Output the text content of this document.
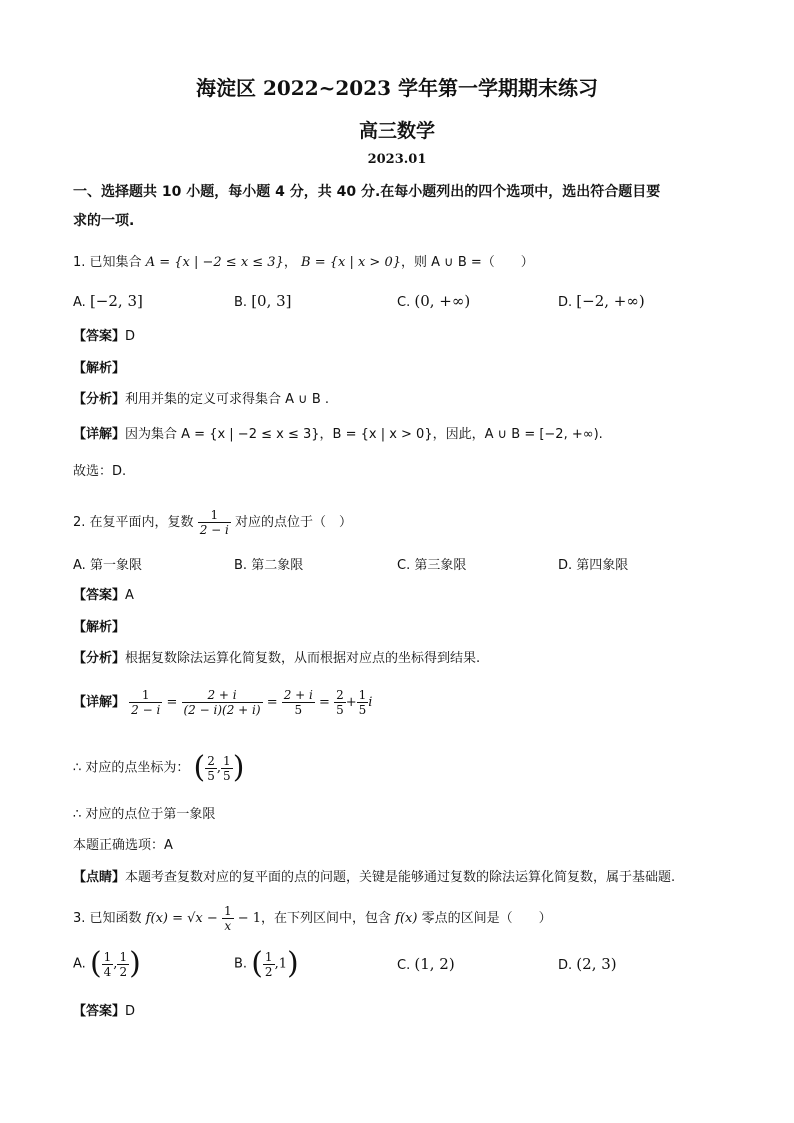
海淀区 2022~2023 学年第一学期期末练习
高三数学
2023.01
一、选择题共 10 小题，每小题 4 分，共 40 分.在每小题列出的四个选项中，选出符合题目要
求的一项.
1. 已知集合 A = {x | −2 ≤ x ≤ 3}， B = {x | x > 0}，则 A ∪ B =（　　）
A. [−2, 3]	B. [0, 3]	C. (0, +∞)	D. [−2, +∞)
【答案】D
【解析】
【分析】利用并集的定义可求得集合 A ∪ B .
【详解】因为集合 A = {x | −2 ≤ x ≤ 3}，B = {x | x > 0}，因此，A ∪ B = [−2, +∞).
故选：D.
2. 在复平面内，复数 $\frac{1}{2 - i}$ 对应的点位于（　）
A. 第一象限	B. 第二象限	C. 第三象限	D. 第四象限
【答案】A
【解析】
【分析】根据复数除法运算化简复数，从而根据对应点的坐标得到结果.
【详解】 $\frac{1}{2 - i} = \frac{2 + i}{(2 - i)(2 + i)} = \frac{2 + i}{5} = \frac{2}{5} + \frac{1}{5}$ i
∴ 对应的点坐标为： ( $\frac{2}{5}$ , $\frac{1}{5}$ )
∴ 对应的点位于第一象限
本题正确选项：A
【点睛】本题考查复数对应的复平面的点的问题，关键是能够通过复数的除法运算化简复数，属于基础题.
3. 已知函数 $f(x) = √x - \frac{1}{x} - 1$，在下列区间中，包含 f(x) 零点的区间是（　　）
A. ( $\frac{1}{4}$ , $\frac{1}{2}$ )	B. ( $\frac{1}{2} ,1$)	C. (1, 2)	D. (2, 3)
【答案】D
